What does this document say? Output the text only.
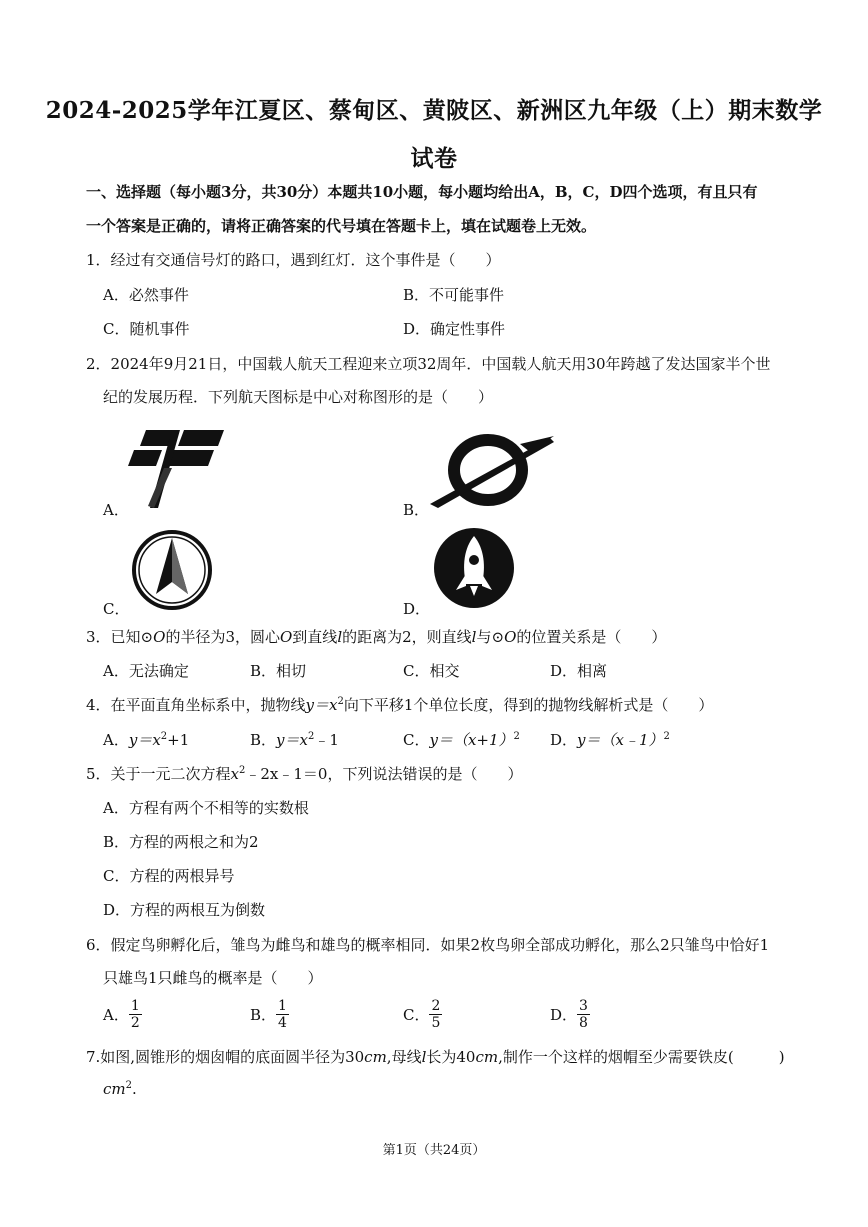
2024-2025学年江夏区、蔡甸区、黄陂区、新洲区九年级（上）期末数学
试卷
一、选择题（每小题3分，共30分）本题共10小题，每小题均给出A，B，C，D四个选项，有且只有
一个答案是正确的，请将正确答案的代号填在答题卡上，填在试题卷上无效。
1．经过有交通信号灯的路口，遇到红灯．这个事件是（　　）
A．必然事件	B．不可能事件
C．随机事件	D．确定性事件
2．2024年9月21日，中国载人航天工程迎来立项32周年．中国载人航天用30年跨越了发达国家半个世
纪的发展历程．下列航天图标是中心对称图形的是（　　）
A．	B．
C．	D．
3．已知⊙O的半径为3，圆心O到直线l的距离为2，则直线l与⊙O的位置关系是（　　）
A．无法确定	B．相切	C．相交	D．相离
4．在平面直角坐标系中，抛物线$y=x^2$向下平移1个单位长度，得到的抛物线解析式是（　　）
A．$y=x^2+1$	B．$y=x^2﹣1$	C．$y=(x+1)^2$ D．y＝（x﹣1）$^2$
5．关于一元二次方程$x^2﹣2x﹣1=0$，下列说法错误的是（　　）
A．方程有两个不相等的实数根
B．方程的两根之和为2
C．方程的两根异号
D．方程的两根互为倒数
6．假定鸟卵孵化后，雏鸟为雌鸟和雄鸟的概率相同．如果2枚鸟卵全部成功孵化，那么2只雏鸟中恰好1
只雄鸟1只雌鸟的概率是（　　）
A． $\frac{1}{2}$	B． $\frac{1}{4}$	C． $\frac{2}{5}$	D． $\frac{3}{8}$
7.如图,圆锥形的烟囱帽的底面圆半径为30cm,母线l长为40cm,制作一个这样的烟帽至少需要铁皮(　　　)
$cm^2$.
第1页（共24页）
